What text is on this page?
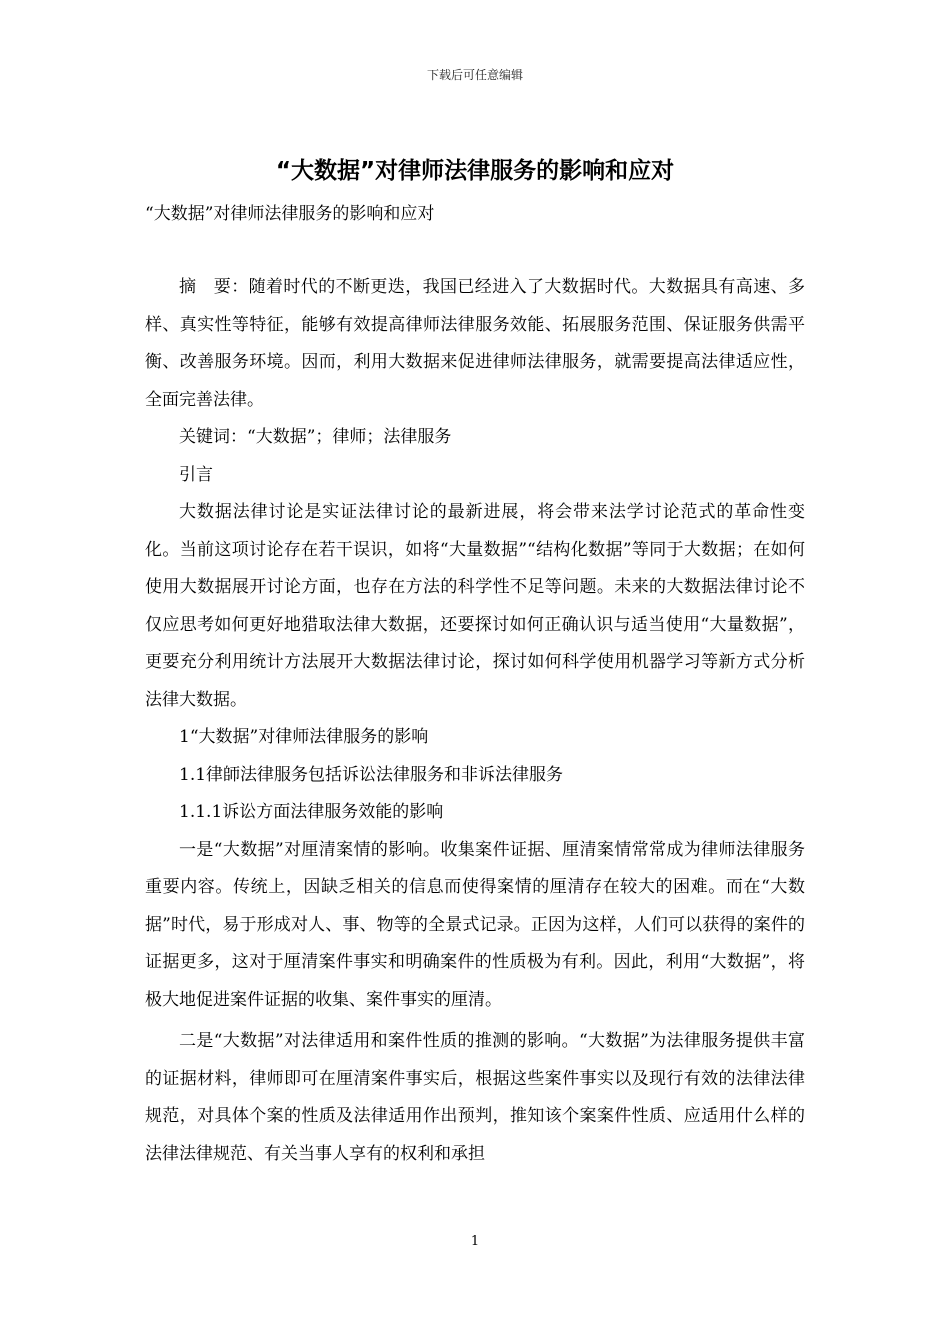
下载后可任意编辑
“大数据”对律师法律服务的影响和应对
“大数据”对律师法律服务的影响和应对

摘　要：随着时代的不断更迭，我国已经进入了大数据时代。大数据具有高速、多样、真实性等特征，能够有效提高律师法律服务效能、拓展服务范围、保证服务供需平衡、改善服务环境。因而，利用大数据来促进律师法律服务，就需要提高法律适应性，全面完善法律。

关键词：“大数据”；律师；法律服务

引言

大数据法律讨论是实证法律讨论的最新进展，将会带来法学讨论范式的革命性变化。当前这项讨论存在若干误识，如将“大量数据”“结构化数据”等同于大数据；在如何使用大数据展开讨论方面，也存在方法的科学性不足等问题。未来的大数据法律讨论不仅应思考如何更好地猎取法律大数据，还要探讨如何正确认识与适当使用“大量数据”，更要充分利用统计方法展开大数据法律讨论，探讨如何科学使用机器学习等新方式分析法律大数据。

1“大数据”对律师法律服务的影响

1.1律師法律服务包括诉讼法律服务和非诉法律服务

1.1.1诉讼方面法律服务效能的影响

一是“大数据”对厘清案情的影响。收集案件证据、厘清案情常常成为律师法律服务重要内容。传统上，因缺乏相关的信息而使得案情的厘清存在较大的困难。而在“大数据”时代，易于形成对人、事、物等的全景式记录。正因为这样，人们可以获得的案件的证据更多，这对于厘清案件事实和明确案件的性质极为有利。因此，利用“大数据”，将极大地促进案件证据的收集、案件事实的厘清。

二是“大数据”对法律适用和案件性质的推测的影响。“大数据”为法律服务提供丰富的证据材料，律师即可在厘清案件事实后，根据这些案件事实以及现行有效的法律法律规范，对具体个案的性质及法律适用作出预判，推知该个案案件性质、应适用什么样的法律法律规范、有关当事人享有的权利和承担

1
